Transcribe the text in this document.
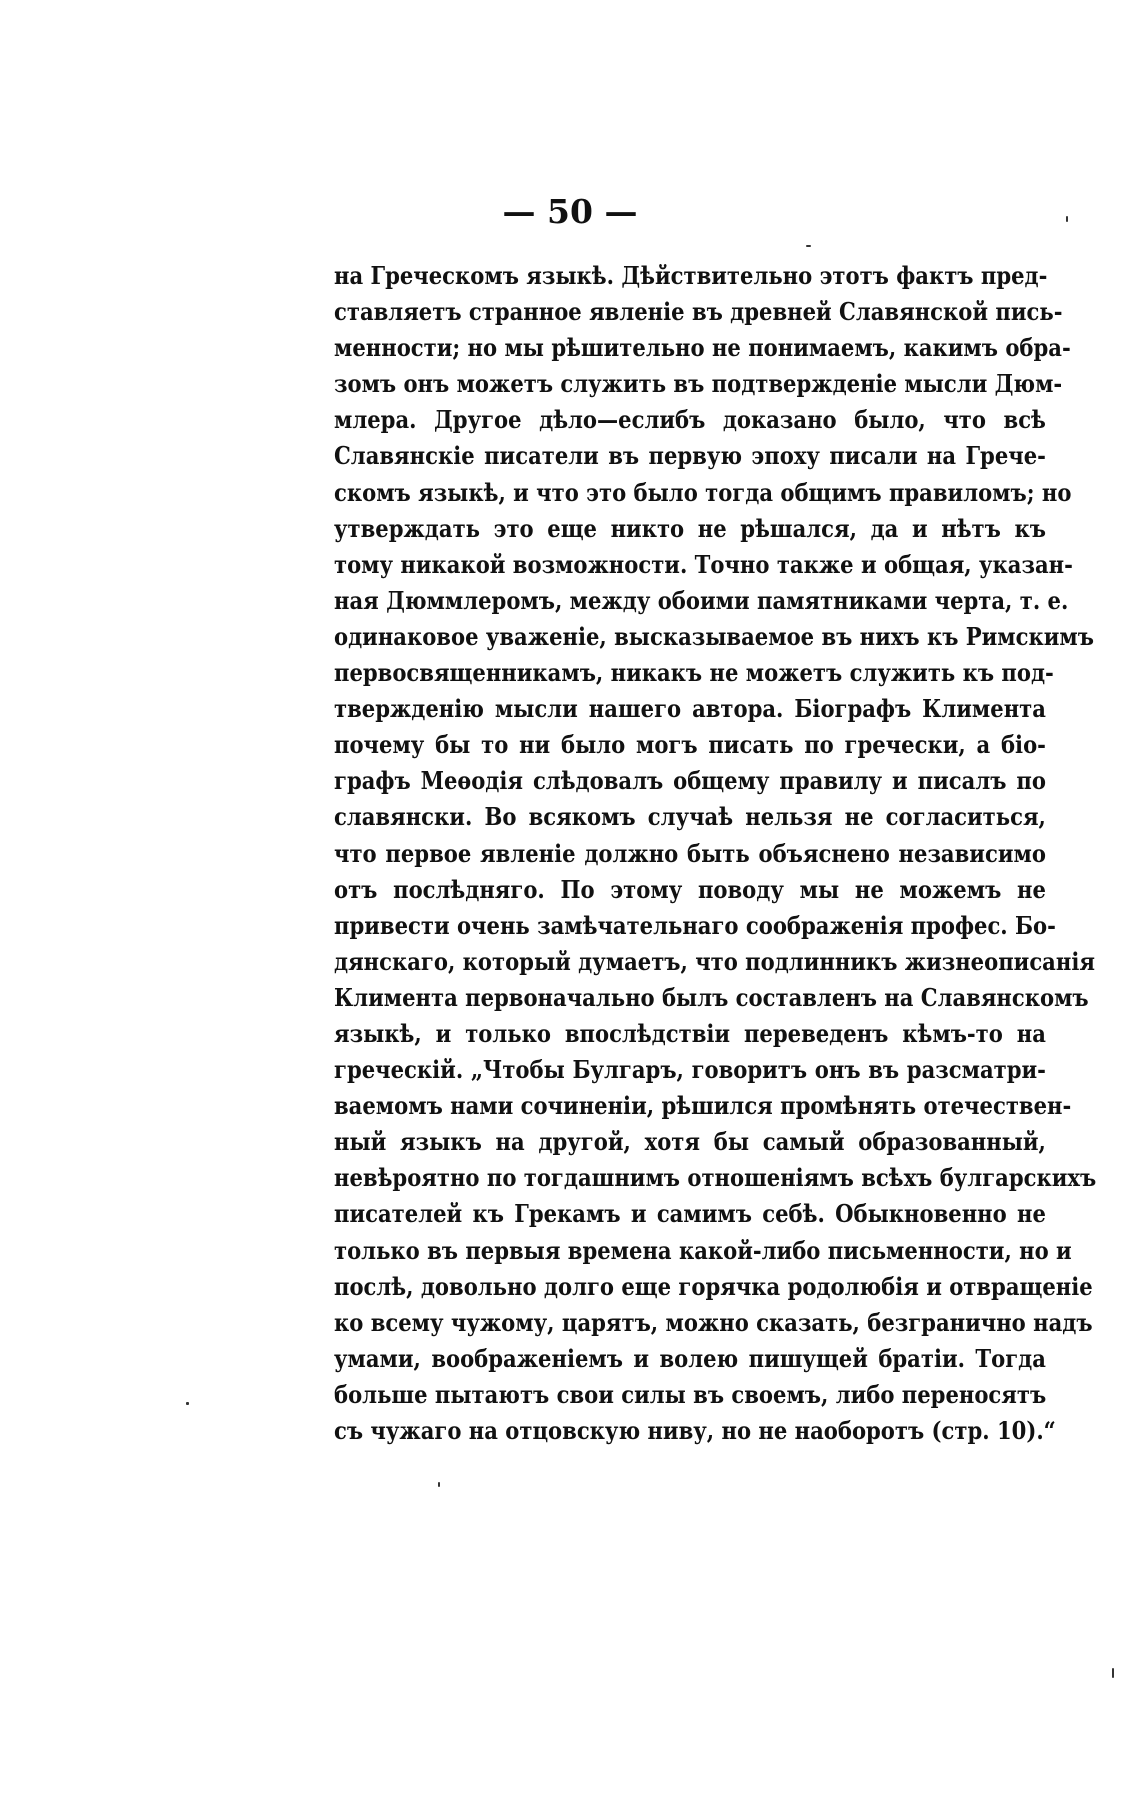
— 50 —
на Греческомъ языкѣ. Дѣйствительно этотъ фактъ пред-
ставляетъ странное явленіе въ древней Славянской пись-
менности; но мы рѣшительно не понимаемъ, какимъ обра-
зомъ онъ можетъ служить въ подтвержденіе мысли Дюм-
млера. Другое дѣло—еслибъ доказано было, что всѣ
Славянскіе писатели въ первую эпоху писали на Грече-
скомъ языкѣ, и что это было тогда общимъ правиломъ; но
утверждать это еще никто не рѣшался, да и нѣтъ къ
тому никакой возможности. Точно также и общая, указан-
ная Дюммлеромъ, между обоими памятниками черта, т. е.
одинаковое уваженіе, высказываемое въ нихъ къ Римскимъ
первосвященникамъ, никакъ не можетъ служить къ под-
твержденію мысли нашего автора. Біографъ Климента
почему бы то ни было могъ писать по гречески, а біо-
графъ Меѳодія слѣдовалъ общему правилу и писалъ по
славянски. Во всякомъ случаѣ нельзя не согласиться,
что первое явленіе должно быть объяснено независимо
отъ послѣдняго. По этому поводу мы не можемъ не
привести очень замѣчательнаго соображенія профес. Бо-
дянскаго, который думаетъ, что подлинникъ жизнеописанія
Климента первоначально былъ составленъ на Славянскомъ
языкѣ, и только впослѣдствіи переведенъ кѣмъ-то на
греческій. „Чтобы Булгаръ, говоритъ онъ въ разсматри-
ваемомъ нами сочиненіи, рѣшился промѣнять отечествен-
ный языкъ на другой, хотя бы самый образованный,
невѣроятно по тогдашнимъ отношеніямъ всѣхъ булгарскихъ
писателей къ Грекамъ и самимъ себѣ. Обыкновенно не
только въ первыя времена какой-либо письменности, но и
послѣ, довольно долго еще горячка родолюбія и отвращеніе
ко всему чужому, царятъ, можно сказать, безгранично надъ
умами, воображеніемъ и волею пишущей братіи. Тогда
больше пытаютъ свои силы въ своемъ, либо переносятъ
съ чужаго на отцовскую ниву, но не наоборотъ (стр. 10).“
